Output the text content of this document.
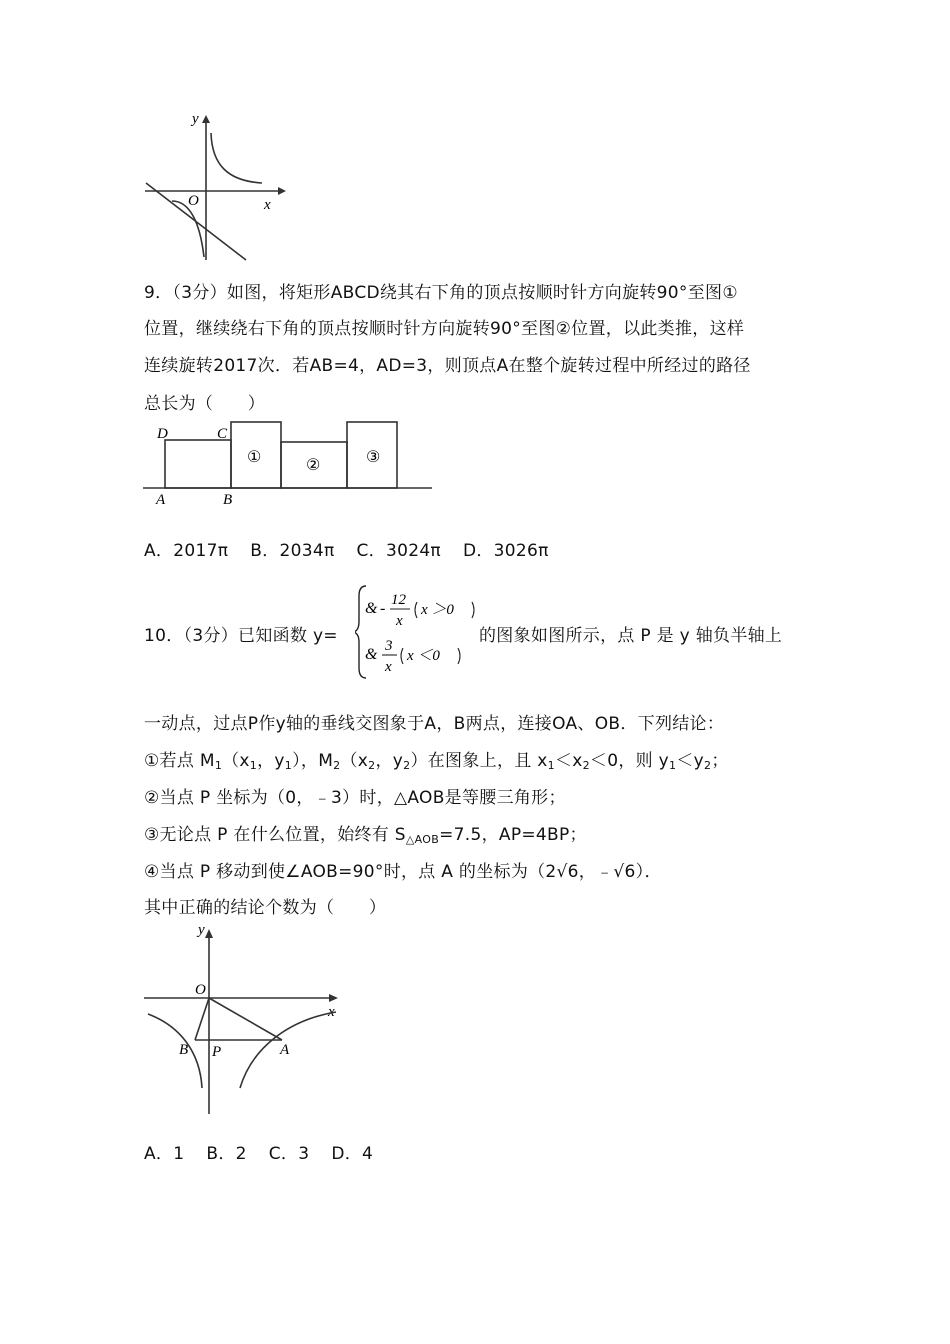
y
x
O
9．（3分）如图，将矩形ABCD绕其右下角的顶点按顺时针方向旋转90°至图①
位置，继续绕右下角的顶点按顺时针方向旋转90°至图②位置，以此类推，这样
连续旋转2017次．若AB=4，AD=3，则顶点A在整个旋转过程中所经过的路径
总长为（　　）
D	C
A	B
①	②	③
A．2017π B．2034π C．3024π D．3026π
10．（3分）已知函数 y=
& - 12
x
x ＞0
& 3
x
x ＜0
的图象如图所示，点 P 是 y 轴负半轴上
一动点，过点P作y轴的垂线交图象于A，B两点，连接OA、OB．下列结论：
①若点 $M_1(x_1$，$y_1$），$M_2(x_2$，$y_2$）在图象上，且 $x_1<x_2<0$，则 $y_1<y_2$；
②当点 P 坐标为（0，﹣3）时，△AOB是等腰三角形；
③无论点 P 在什么位置，始终有 $S_{\triangle AOB}=7.5$，AP=4BP；
④当点 P 移动到使∠AOB=90°时，点 A 的坐标为（2√6，﹣√6）．
其中正确的结论个数为（　　）
y
x
O
B P	A
A．1 B．2 C．3 D．4
